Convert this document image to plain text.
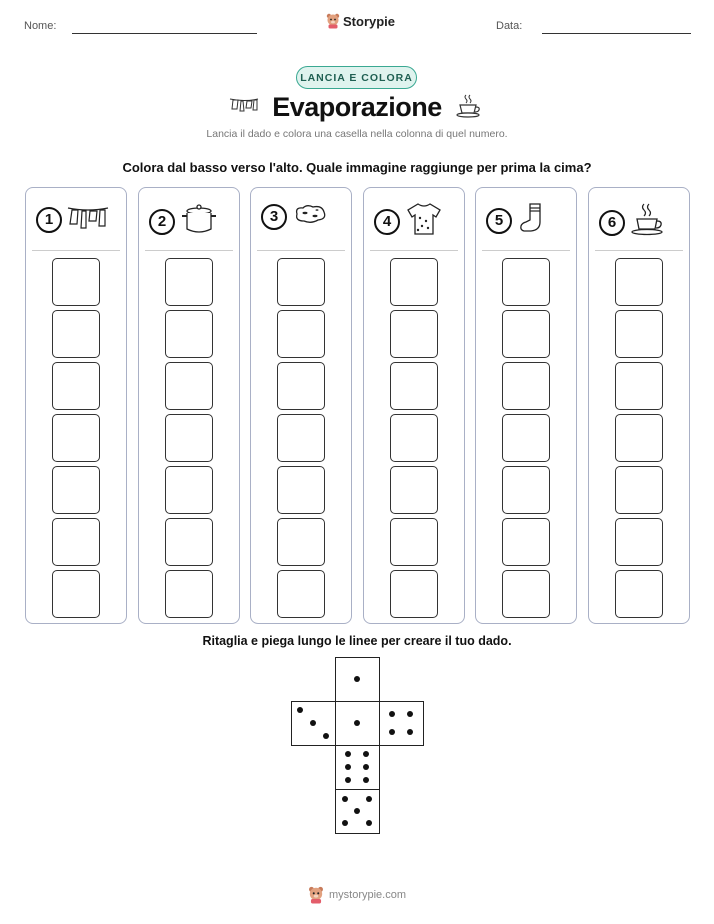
Nome:	Storypie	Data:
LANCIA E COLORA
Evaporazione
Lancia il dado e colora una casella nella colonna di quel numero.
Colora dal basso verso l'alto. Quale immagine raggiunge per prima la cima?
1	2	3	4	5	6
Ritaglia e piega lungo le linee per creare il tuo dado.
mystorypie.com
